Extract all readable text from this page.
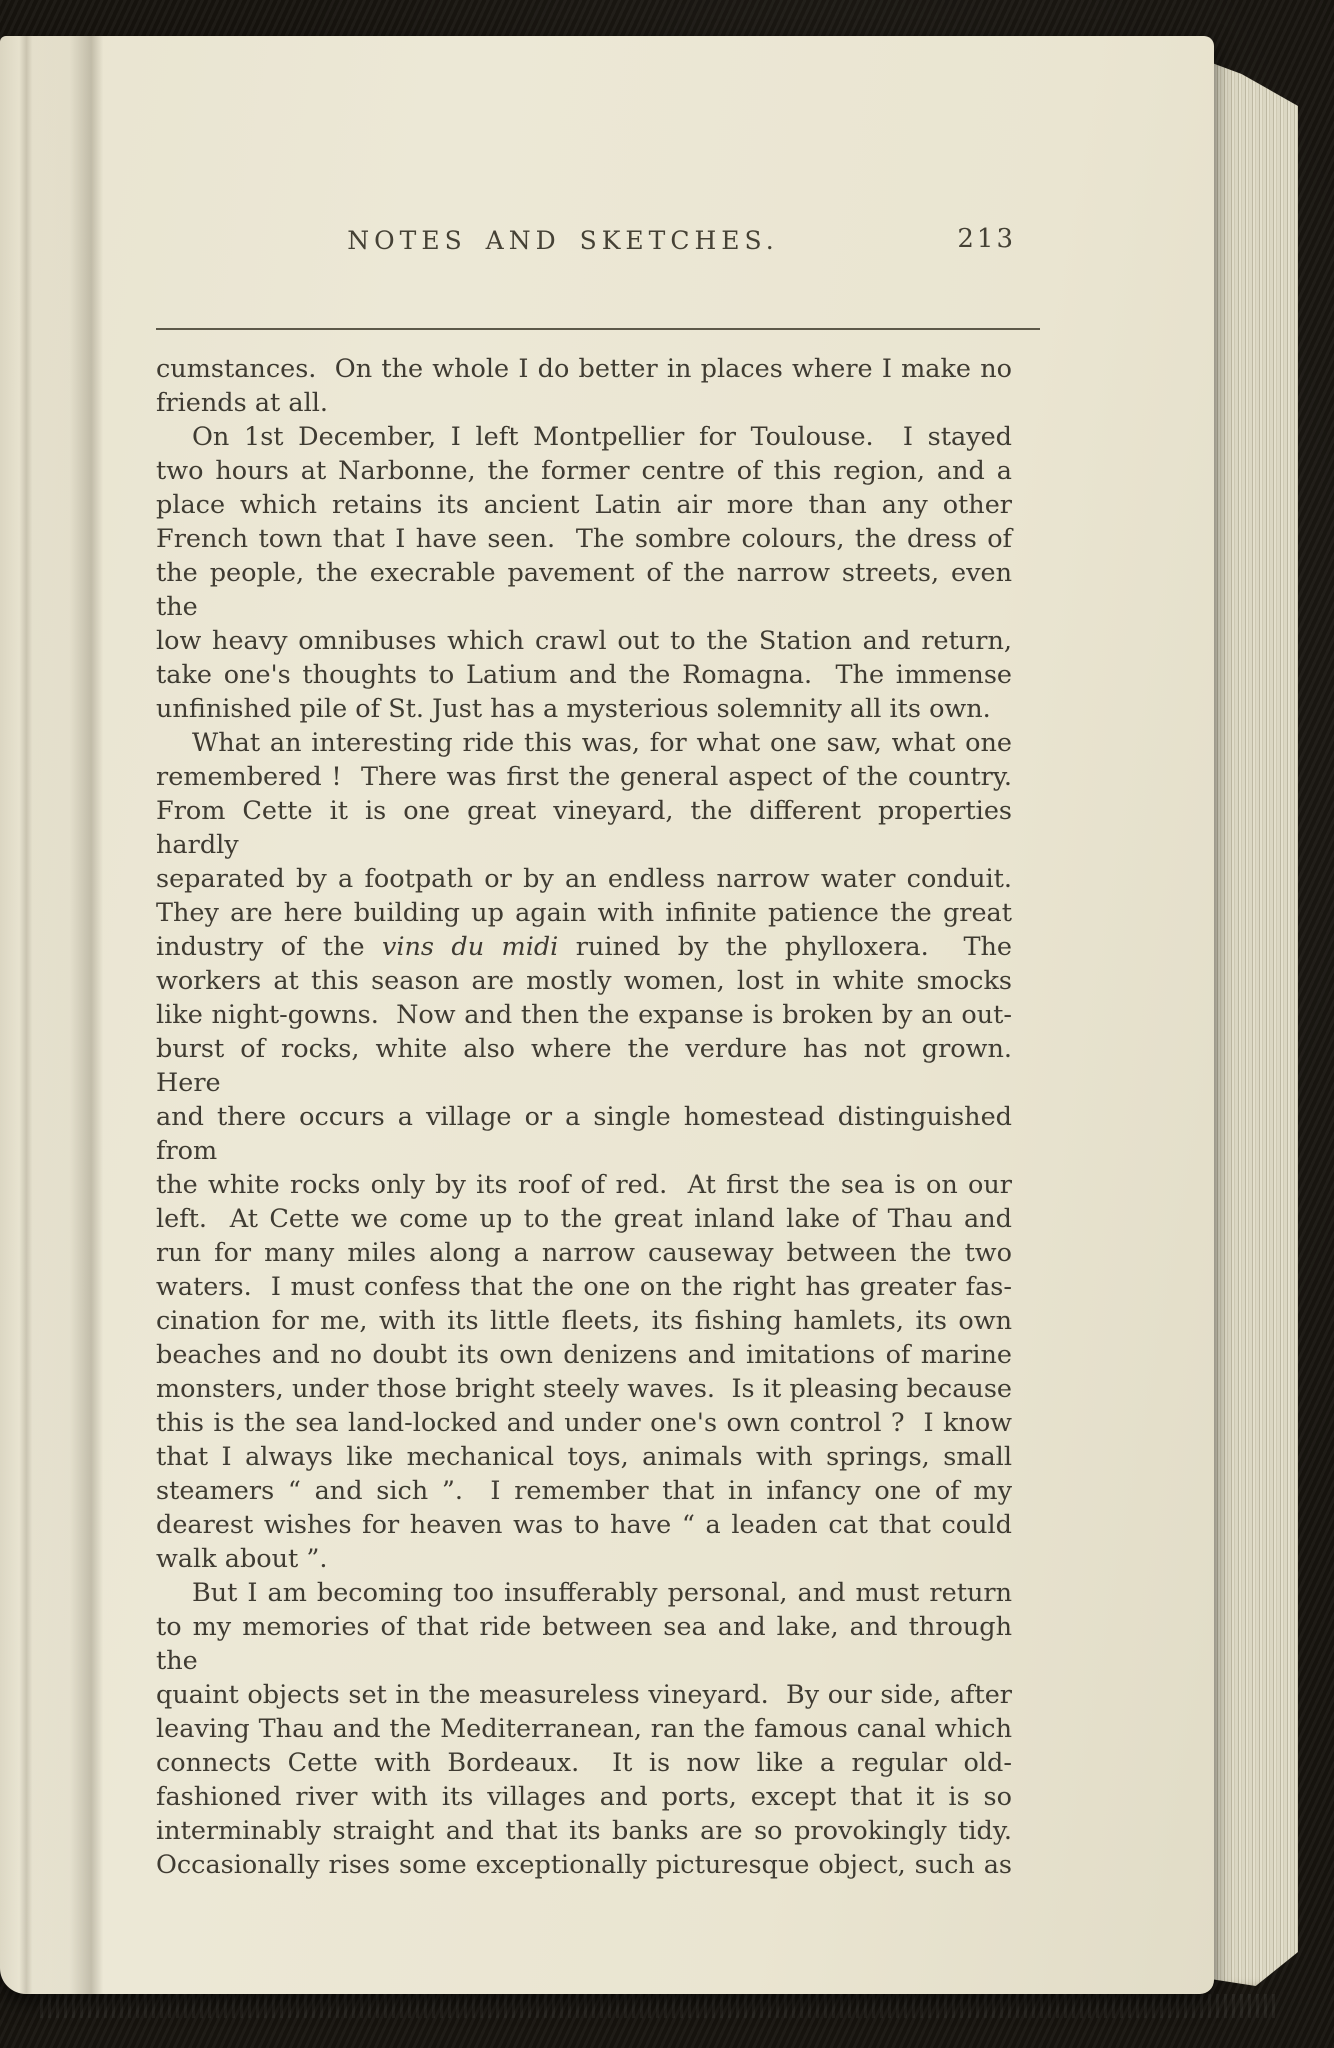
NOTES AND SKETCHES.	213
cumstances.  On the whole I do better in places where I make no
friends at all.
On 1st December, I left Montpellier for Toulouse.  I stayed
two hours at Narbonne, the former centre of this region, and a
place which retains its ancient Latin air more than any other
French town that I have seen.  The sombre colours, the dress of
the people, the execrable pavement of the narrow streets, even the
low heavy omnibuses which crawl out to the Station and return,
take one's thoughts to Latium and the Romagna.  The immense
unfinished pile of St. Just has a mysterious solemnity all its own.
What an interesting ride this was, for what one saw, what one
remembered !  There was first the general aspect of the country.
From Cette it is one great vineyard, the different properties hardly
separated by a footpath or by an endless narrow water conduit.
They are here building up again with infinite patience the great
industry of the vins du midi ruined by the phylloxera.  The
workers at this season are mostly women, lost in white smocks
like night-gowns.  Now and then the expanse is broken by an out-
burst of rocks, white also where the verdure has not grown.  Here
and there occurs a village or a single homestead distinguished from
the white rocks only by its roof of red.  At first the sea is on our
left.  At Cette we come up to the great inland lake of Thau and
run for many miles along a narrow causeway between the two
waters.  I must confess that the one on the right has greater fas-
cination for me, with its little fleets, its fishing hamlets, its own
beaches and no doubt its own denizens and imitations of marine
monsters, under those bright steely waves.  Is it pleasing because
this is the sea land-locked and under one's own control ?  I know
that I always like mechanical toys, animals with springs, small
steamers “ and sich ”.  I remember that in infancy one of my
dearest wishes for heaven was to have “ a leaden cat that could
walk about ”.
But I am becoming too insufferably personal, and must return
to my memories of that ride between sea and lake, and through the
quaint objects set in the measureless vineyard.  By our side, after
leaving Thau and the Mediterranean, ran the famous canal which
connects Cette with Bordeaux.  It is now like a regular old-
fashioned river with its villages and ports, except that it is so
interminably straight and that its banks are so provokingly tidy.
Occasionally rises some exceptionally picturesque object, such as
